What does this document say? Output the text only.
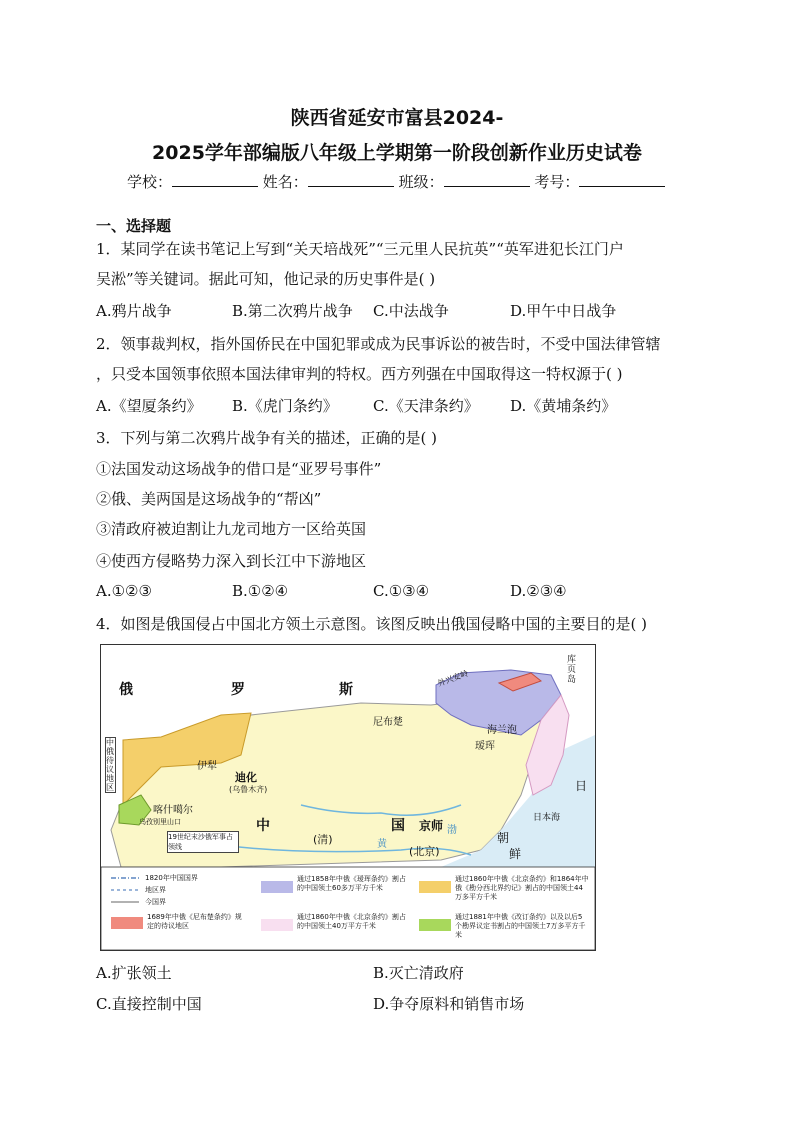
陕西省延安市富县2024-
2025学年部编版八年级上学期第一阶段创新作业历史试卷
学校：	姓名：	班级：	考号：
一、选择题
1．某同学在读书笔记上写到“关天培战死”“三元里人民抗英”“英军进犯长江门户
吴淞”等关键词。据此可知，他记录的历史事件是( )
A.鸦片战争	B.第二次鸦片战争 C.中法战争	D.甲午中日战争
2．领事裁判权，指外国侨民在中国犯罪或成为民事诉讼的被告时，不受中国法律管辖
，只受本国领事依照本国法律审判的特权。西方列强在中国取得这一特权源于( )
A.《望厦条约》 B.《虎门条约》 C.《天津条约》 D.《黄埔条约》
3．下列与第二次鸦片战争有关的描述，正确的是( )
①法国发动这场战争的借口是“亚罗号事件”
②俄、美两国是这场战争的“帮凶”
③清政府被迫割让九龙司地方一区给英国
④使西方侵略势力深入到长江中下游地区
A.①②③	B.①②④	C.①③④	D.②③④
4．如图是俄国侵占中国北方领土示意图。该图反映出俄国侵略中国的主要目的是( )
俄	罗	斯
中	国
(清)
京师
(北京)
尼布楚
海兰泡
瑷珲
迪化
(乌鲁木齐)
伊犁
喀什噶尔
乌孜别里山口
19世纪末沙俄军事占领线
外兴安岭
库页岛
日
日本海
朝
鲜
黄
渤
中俄待议地区
1820年中国国界
地区界
今国界
1689年中俄《尼布楚条约》规定的待议地区
通过1858年中俄《瑷珲条约》割占的中国领土60多万平方千米
通过1860年中俄《北京条约》割占的中国领土40万平方千米
通过1860年中俄《北京条约》和1864年中俄《勘分西北界约记》割占的中国领土44万多平方千米
通过1881年中俄《改订条约》以及以后5个勘界议定书割占的中国领土7万多平方千米
A.扩张领土	B.灭亡清政府
C.直接控制中国	D.争夺原料和销售市场
